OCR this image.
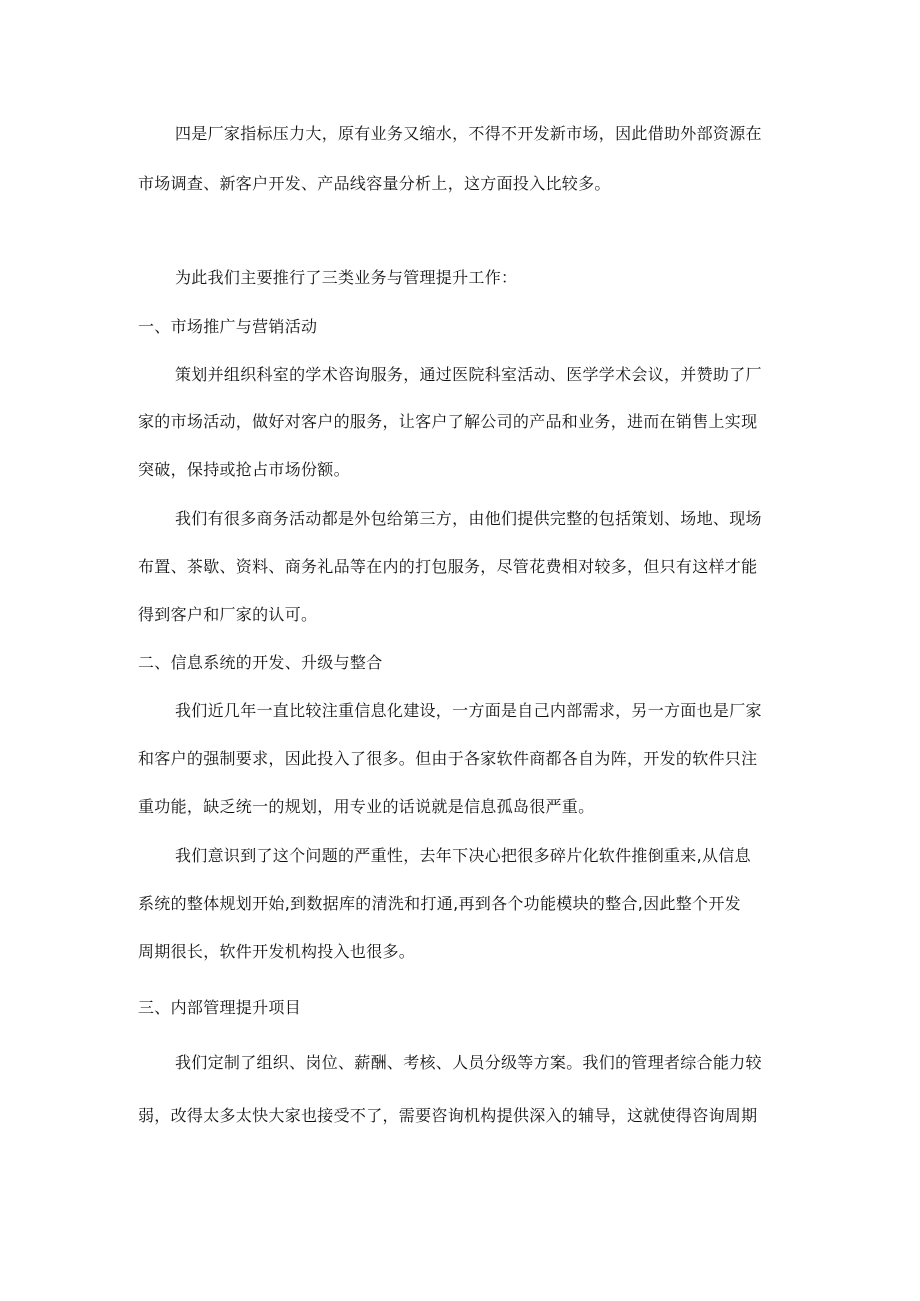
四是厂家指标压力大，原有业务又缩水，不得不开发新市场，因此借助外部资源在

市场调查、新客户开发、产品线容量分析上，这方面投入比较多。

为此我们主要推行了三类业务与管理提升工作：

一、市场推广与营销活动

策划并组织科室的学术咨询服务，通过医院科室活动、医学学术会议，并赞助了厂

家的市场活动，做好对客户的服务，让客户了解公司的产品和业务，进而在销售上实现

突破，保持或抢占市场份额。

我们有很多商务活动都是外包给第三方，由他们提供完整的包括策划、场地、现场

布置、茶歇、资料、商务礼品等在内的打包服务，尽管花费相对较多，但只有这样才能

得到客户和厂家的认可。

二、信息系统的开发、升级与整合

我们近几年一直比较注重信息化建设，一方面是自己内部需求，另一方面也是厂家

和客户的强制要求，因此投入了很多。但由于各家软件商都各自为阵，开发的软件只注

重功能，缺乏统一的规划，用专业的话说就是信息孤岛很严重。

我们意识到了这个问题的严重性，去年下决心把很多碎片化软件推倒重来,从信息

系统的整体规划开始,到数据库的清洗和打通,再到各个功能模块的整合,因此整个开发

周期很长，软件开发机构投入也很多。

三、内部管理提升项目

我们定制了组织、岗位、薪酬、考核、人员分级等方案。我们的管理者综合能力较

弱，改得太多太快大家也接受不了，需要咨询机构提供深入的辅导，这就使得咨询周期
